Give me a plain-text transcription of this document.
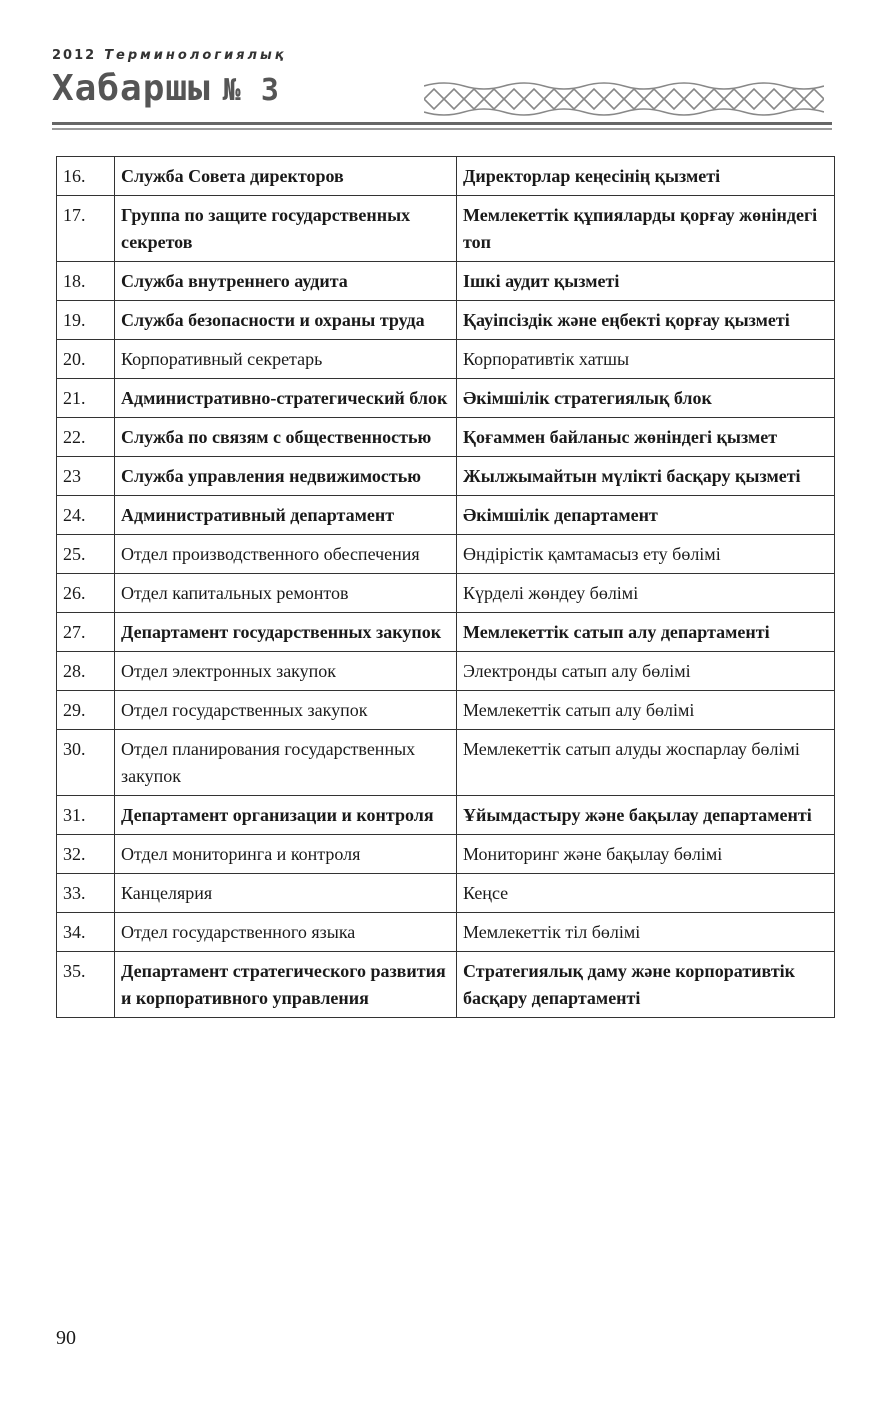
2012 Терминологиялық
Хабаршы № 3
16.	Служба Совета директоров	Директорлар кеңесінің қызметі
17.	Группа по защите государственных секретов	Мемлекеттік құпияларды қорғау жөніндегі топ
18.	Служба внутреннего аудита	Ішкі аудит қызметі
19.	Служба безопасности и охраны труда	Қауіпсіздік және еңбекті қорғау қызметі
20.	Корпоративный секретарь	Корпоративтік хатшы
21.	Административно-стратегический блок	Әкімшілік стратегиялық блок
22.	Служба по связям с общественностью	Қоғаммен байланыс жөніндегі қызмет
23	Служба управления недвижимостью	Жылжымайтын мүлікті басқару қызметі
24.	Административный департамент	Әкімшілік департамент
25.	Отдел производственного обеспечения	Өндірістік қамтамасыз ету бөлімі
26.	Отдел капитальных ремонтов	Күрделі жөндеу бөлімі
27.	Департамент государственных закупок	Мемлекеттік сатып алу департаменті
28.	Отдел электронных закупок	Электронды сатып алу бөлімі
29.	Отдел государственных закупок	Мемлекеттік сатып алу бөлімі
30.	Отдел планирования государственных закупок	Мемлекеттік сатып алуды жоспарлау бөлімі
31.	Департамент организации и контроля	Ұйымдастыру және бақылау департаменті
32.	Отдел мониторинга и контроля	Мониторинг және бақылау бөлімі
33.	Канцелярия	Кеңсе
34.	Отдел государственного языка	Мемлекеттік тіл бөлімі
35.	Департамент стратегического развития и корпоративного управления	Стратегиялық даму және корпоративтік басқару департаменті
90
